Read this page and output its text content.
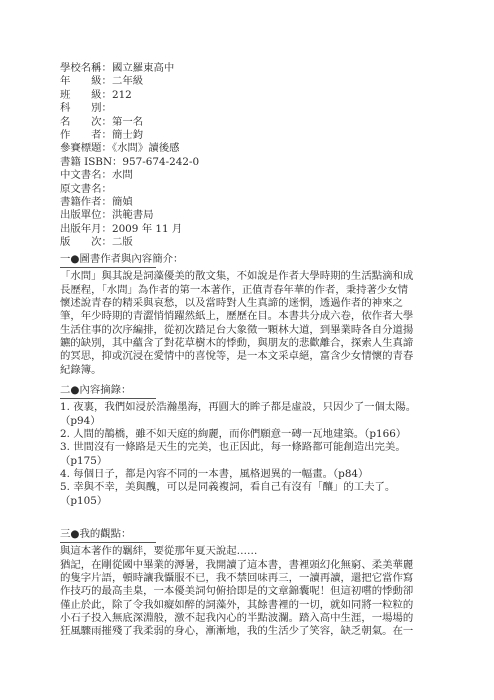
學校名稱：國立羅東高中
年　　級：二年級
班　　級：212
科　　別：
名　　次：第一名
作　　者：簡士鈞
參賽標題：《水問》讀後感
書籍 ISBN：957-674-242-0
中文書名：水問
原文書名：
書籍作者：簡媜
出版單位：洪範書局
出版年月：2009 年 11 月
版　　次：二版
一●圖書作者與內容簡介：
「水問」與其說是詞藻優美的散文集，不如說是作者大學時期的生活點滴和成
長歷程，「水問」為作者的第一本著作，正值青春年華的作者，秉持著少女情
懷述說青春的精采與哀愁，以及當時對人生真諦的迷惘，透過作者的神來之
筆，年少時期的青澀悄悄躍然紙上，歷歷在目。本書共分成六卷，依作者大學
生活住事的次序編排，從初次踏足台大象徵一顆林大道，到畢業時各自分道揚
鑣的缺別，其中蘊含了對花草樹木的悸動，與朋友的悲歡離合，探索人生真諦
的冥思，抑或沉浸在愛情中的喜悅等，是一本文采卓絕，富含少女情懷的青春
紀錄簿。
二●內容摘錄：
1. 夜裏，我們如浸於浩瀚墨海，再圓大的眸子都是虛設，只因少了一個太陽。
（p94）
2. 人間的鵲橋，雖不如天庭的絢麗，而你們願意一磚一瓦地建築。（p166）
3. 世間沒有一條路是天生的完美，也正因此，每一條路都可能創造出完美。
（p175）
4. 每個日子，都是內容不同的一本書，風格迥異的一幅畫。（p84）
5. 幸與不幸，美與醜，可以是同義複詞，看自己有沒有「釀」的工夫了。
（p105）
三●我的觀點：
與這本著作的羈絆，要從那年夏天說起……
猶記，在剛從國中畢業的溽暑，我開讀了這本書，書裡頭幻化無窮、柔美華麗
的隻字片語，頓時讓我懾服不已，我不禁回味再三，一讀再讀，還把它當作寫
作技巧的最高圭臬，一本優美詞句俯拾即是的文章錦囊呢！但這初嚐的悸動卻
僅止於此，除了令我如癡如醉的詞藻外，其餘書裡的一切，就如同將一粒粒的
小石子投入無底深淵般，激不起我內心的半點波瀾。踏入高中生涯，一場場的
狂風驟雨摧殘了我柔弱的身心，漸漸地，我的生活少了笑容，缺乏朝氣。在一
